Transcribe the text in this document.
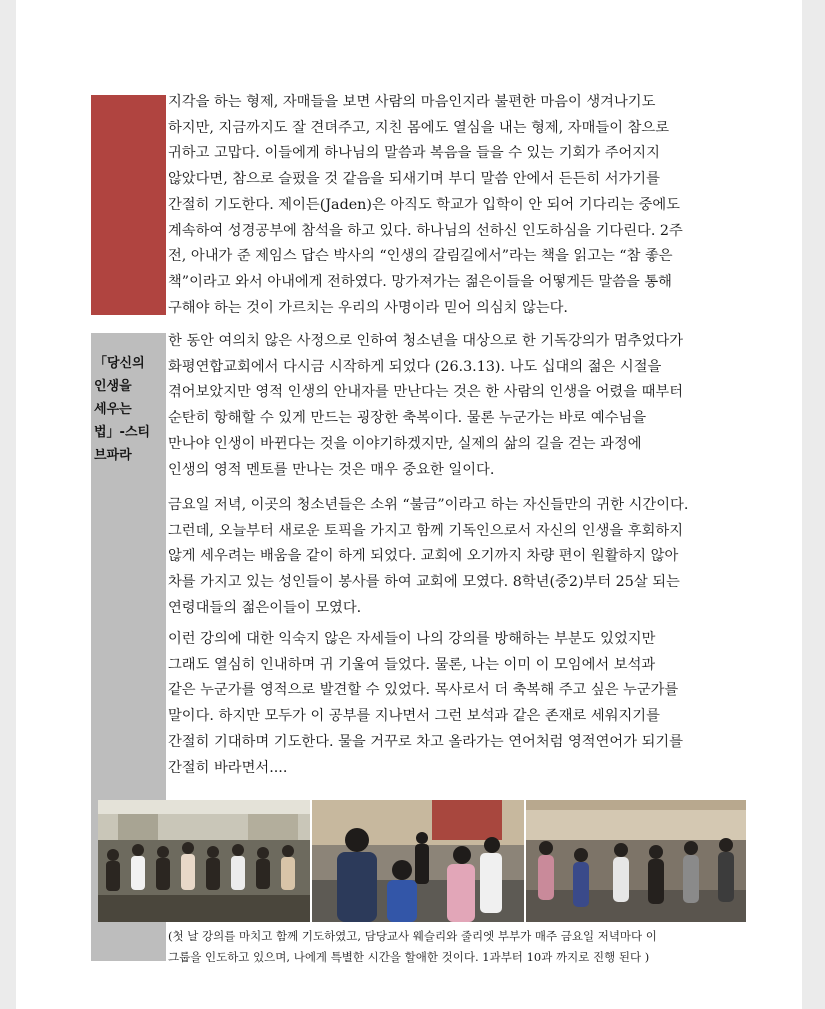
「당신의
인생을
세우는
법」-스티
브파라
지각을 하는 형제, 자매들을 보면 사람의 마음인지라 불편한 마음이 생겨나기도
하지만, 지금까지도 잘 견뎌주고, 지친 몸에도 열심을 내는 형제, 자매들이 참으로
귀하고 고맙다. 이들에게 하나님의 말씀과 복음을 들을 수 있는 기회가 주어지지
않았다면, 참으로 슬펐을 것 같음을 되새기며 부디 말씀 안에서 든든히 서가기를
간절히 기도한다. 제이든(Jaden)은 아직도 학교가 입학이 안 되어 기다리는 중에도
계속하여 성경공부에 참석을 하고 있다. 하나님의 선하신 인도하심을 기다린다. 2주
전, 아내가 준 제임스 답슨 박사의 “인생의 갈림길에서”라는 책을 읽고는 “참 좋은
책”이라고 와서 아내에게 전하였다. 망가져가는 젊은이들을 어떻게든 말씀을 통해
구해야 하는 것이 가르치는 우리의 사명이라 믿어 의심치 않는다.
한 동안 여의치 않은 사정으로 인하여 청소년을 대상으로 한 기독강의가 멈추었다가
화평연합교회에서 다시금 시작하게 되었다 (26.3.13). 나도 십대의 젊은 시절을
겪어보았지만 영적 인생의 안내자를 만난다는 것은 한 사람의 인생을 어렸을 때부터
순탄히 항해할 수 있게 만드는 굉장한 축복이다. 물론 누군가는 바로 예수님을
만나야 인생이 바뀐다는 것을 이야기하겠지만, 실제의 삶의 길을 걷는 과정에
인생의 영적 멘토를 만나는 것은 매우 중요한 일이다.
금요일 저녁, 이곳의 청소년들은 소위 “불금”이라고 하는 자신들만의 귀한 시간이다.
그런데, 오늘부터 새로운 토픽을 가지고 함께 기독인으로서 자신의 인생을 후회하지
않게 세우려는 배움을 같이 하게 되었다. 교회에 오기까지 차량 편이 원활하지 않아
차를 가지고 있는 성인들이 봉사를 하여 교회에 모였다. 8학년(중2)부터 25살 되는
연령대들의 젊은이들이 모였다.
이런 강의에 대한 익숙지 않은 자세들이 나의 강의를 방해하는 부분도 있었지만
그래도 열심히 인내하며 귀 기울여 들었다. 물론, 나는 이미 이 모임에서 보석과
같은 누군가를 영적으로 발견할 수 있었다. 목사로서 더 축복해 주고 싶은 누군가를
말이다. 하지만 모두가 이 공부를 지나면서 그런 보석과 같은 존재로 세워지기를
간절히 기대하며 기도한다. 물을 거꾸로 차고 올라가는 연어처럼 영적연어가 되기를
간절히 바라면서....
(첫 날 강의를 마치고 함께 기도하였고, 담당교사 웨슬리와 줄리엣 부부가 매주 금요일 저녁마다 이
그룹을 인도하고 있으며, 나에게 특별한 시간을 할애한 것이다. 1과부터 10과 까지로 진행 된다 )
